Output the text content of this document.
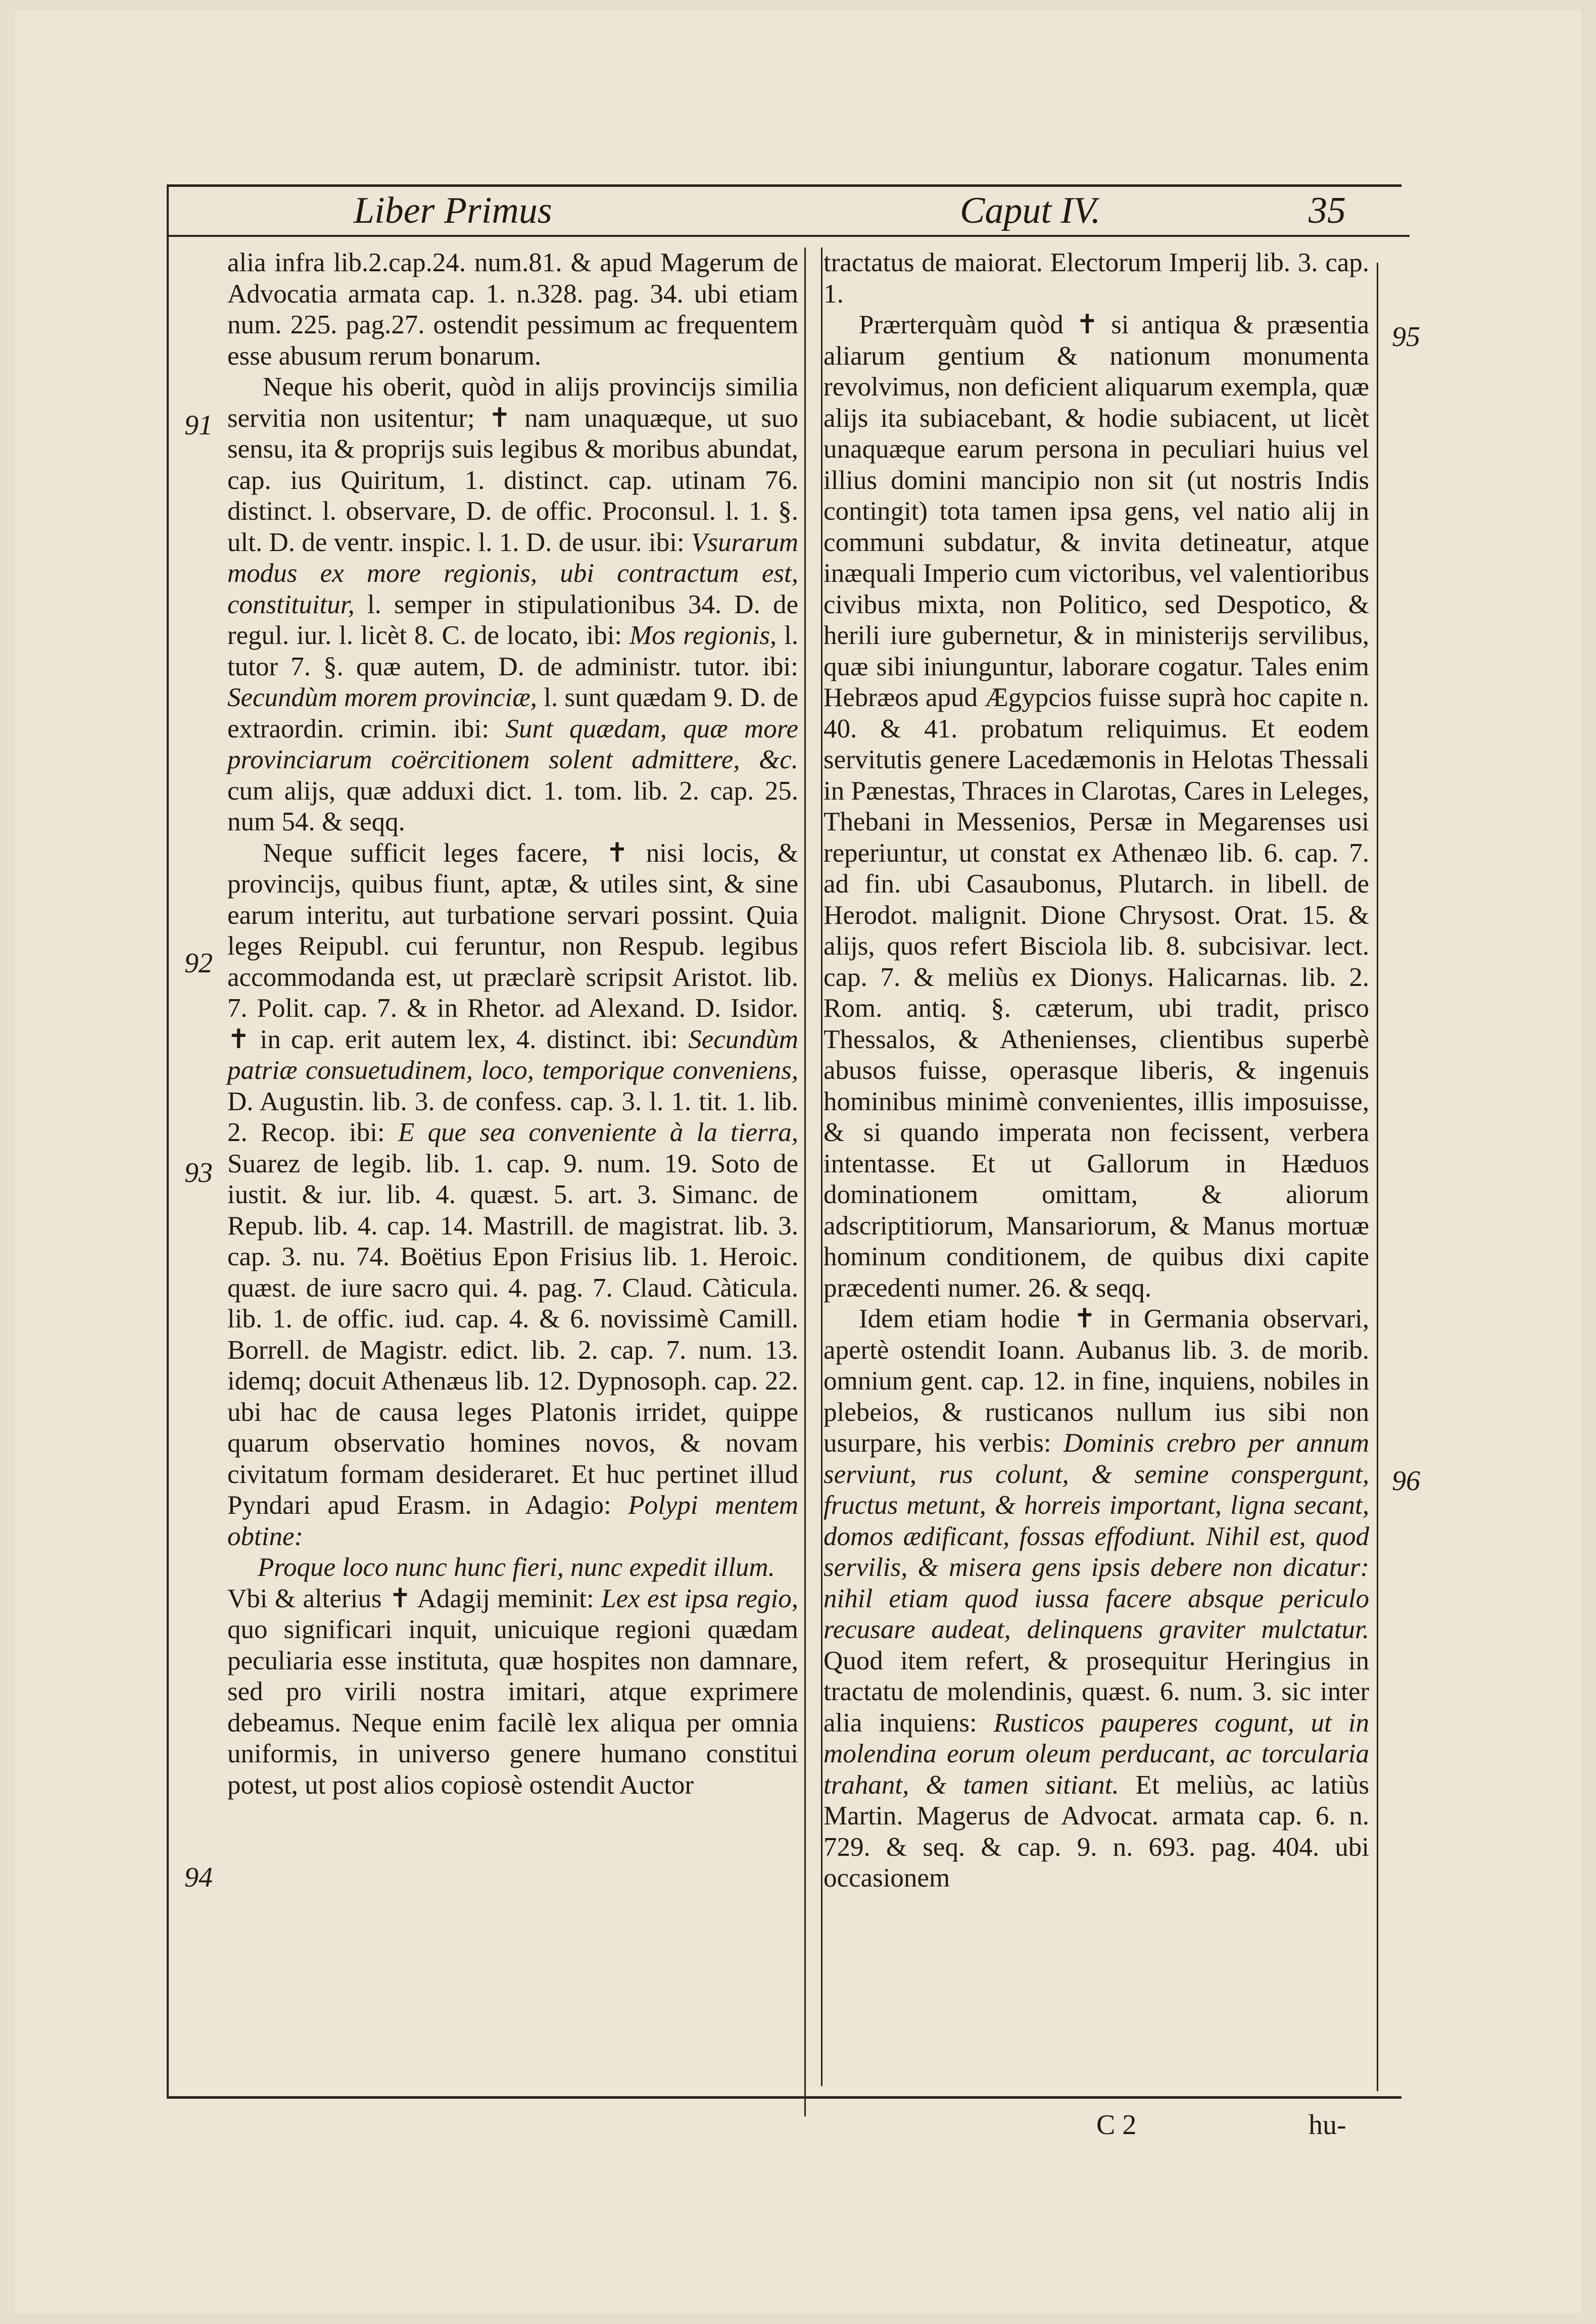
Liber Primus	Caput IV.	35
91
92
93
94
95
96

alia infra lib.2.cap.24. num.81. & apud Magerum de Advocatia armata cap. 1. n.328. pag. 34. ubi etiam num. 225. pag.27. ostendit pessimum ac frequentem esse abusum rerum bonarum.

Neque his oberit, quòd in alijs provincijs similia servitia non usitentur; ✝ nam unaquæque, ut suo sensu, ita & proprijs suis legibus & moribus abundat, cap. ius Quiritum, 1. distinct. cap. utinam 76. distinct. l. observare, D. de offic. Proconsul. l. 1. §. ult. D. de ventr. inspic. l. 1. D. de usur. ibi: Vsurarum modus ex more regionis, ubi contractum est, constituitur, l. semper in stipulationibus 34. D. de regul. iur. l. licèt 8. C. de locato, ibi: Mos regionis, l. tutor 7. §. quæ autem, D. de administr. tutor. ibi: Secundùm morem provinciæ, l. sunt quædam 9. D. de extraordin. crimin. ibi: Sunt quædam, quæ more provinciarum coërcitionem solent admittere, &c. cum alijs, quæ adduxi dict. 1. tom. lib. 2. cap. 25. num 54. & seqq.

Neque sufficit leges facere, ✝ nisi locis, & provincijs, quibus fiunt, aptæ, & utiles sint, & sine earum interitu, aut turbatione servari possint. Quia leges Reipubl. cui feruntur, non Respub. legibus accommodanda est, ut præclarè scripsit Aristot. lib. 7. Polit. cap. 7. & in Rhetor. ad Alexand. D. Isidor. ✝ in cap. erit autem lex, 4. distinct. ibi: Secundùm patriæ consuetudinem, loco, temporique conveniens, D. Augustin. lib. 3. de confess. cap. 3. l. 1. tit. 1. lib. 2. Recop. ibi: E que sea conveniente à la tierra, Suarez de legib. lib. 1. cap. 9. num. 19. Soto de iustit. & iur. lib. 4. quæst. 5. art. 3. Simanc. de Repub. lib. 4. cap. 14. Mastrill. de magistrat. lib. 3. cap. 3. nu. 74. Boëtius Epon Frisius lib. 1. Heroic. quæst. de iure sacro qui. 4. pag. 7. Claud. Càticula. lib. 1. de offic. iud. cap. 4. & 6. novissimè Camill. Borrell. de Magistr. edict. lib. 2. cap. 7. num. 13. idemq; docuit Athenæus lib. 12. Dypnosoph. cap. 22. ubi hac de causa leges Platonis irridet, quippe quarum observatio homines novos, & novam civitatum formam desideraret. Et huc pertinet illud Pyndari apud Erasm. in Adagio: Polypi mentem obtine:

Proque loco nunc hunc fieri, nunc expedit illum.

Vbi & alterius ✝ Adagij meminit: Lex est ipsa regio, quo significari inquit, unicuique regioni quædam peculiaria esse instituta, quæ hospites non damnare, sed pro virili nostra imitari, atque exprimere debeamus. Neque enim facilè lex aliqua per omnia uniformis, in universo genere humano constitui potest, ut post alios copiosè ostendit Auctor

tractatus de maiorat. Electorum Imperij lib. 3. cap. 1.

Prærterquàm quòd ✝ si antiqua & præsentia aliarum gentium & nationum monumenta revolvimus, non deficient aliquarum exempla, quæ alijs ita subiacebant, & hodie subiacent, ut licèt unaquæque earum persona in peculiari huius vel illius domini mancipio non sit (ut nostris Indis contingit) tota tamen ipsa gens, vel natio alij in communi subdatur, & invita detineatur, atque inæquali Imperio cum victoribus, vel valentioribus civibus mixta, non Politico, sed Despotico, & herili iure gubernetur, & in ministerijs servilibus, quæ sibi iniunguntur, laborare cogatur. Tales enim Hebræos apud Ægypcios fuisse suprà hoc capite n. 40. & 41. probatum reliquimus. Et eodem servitutis genere Lacedæmonis in Helotas Thessali in Pænestas, Thraces in Clarotas, Cares in Leleges, Thebani in Messenios, Persæ in Megarenses usi reperiuntur, ut constat ex Athenæo lib. 6. cap. 7. ad fin. ubi Casaubonus, Plutarch. in libell. de Herodot. malignit. Dione Chrysost. Orat. 15. & alijs, quos refert Bisciola lib. 8. subcisivar. lect. cap. 7. & meliùs ex Dionys. Halicarnas. lib. 2. Rom. antiq. §. cæterum, ubi tradit, prisco Thessalos, & Athenienses, clientibus superbè abusos fuisse, operasque liberis, & ingenuis hominibus minimè convenientes, illis imposuisse, & si quando imperata non fecissent, verbera intentasse. Et ut Gallorum in Hæduos dominationem omittam, & aliorum adscriptitiorum, Mansariorum, & Manus mortuæ hominum conditionem, de quibus dixi capite præcedenti numer. 26. & seqq.

Idem etiam hodie ✝ in Germania observari, apertè ostendit Ioann. Aubanus lib. 3. de morib. omnium gent. cap. 12. in fine, inquiens, nobiles in plebeios, & rusticanos nullum ius sibi non usurpare, his verbis: Dominis crebro per annum serviunt, rus colunt, & semine conspergunt, fructus metunt, & horreis important, ligna secant, domos ædificant, fossas effodiunt. Nihil est, quod servilis, & misera gens ipsis debere non dicatur: nihil etiam quod iussa facere absque periculo recusare audeat, delinquens graviter mulctatur. Quod item refert, & prosequitur Heringius in tractatu de molendinis, quæst. 6. num. 3. sic inter alia inquiens: Rusticos pauperes cogunt, ut in molendina eorum oleum perducant, ac torcularia trahant, & tamen sitiant. Et meliùs, ac latiùs Martin. Magerus de Advocat. armata cap. 6. n. 729. & seq. & cap. 9. n. 693. pag. 404. ubi occasionem

C 2	hu-
